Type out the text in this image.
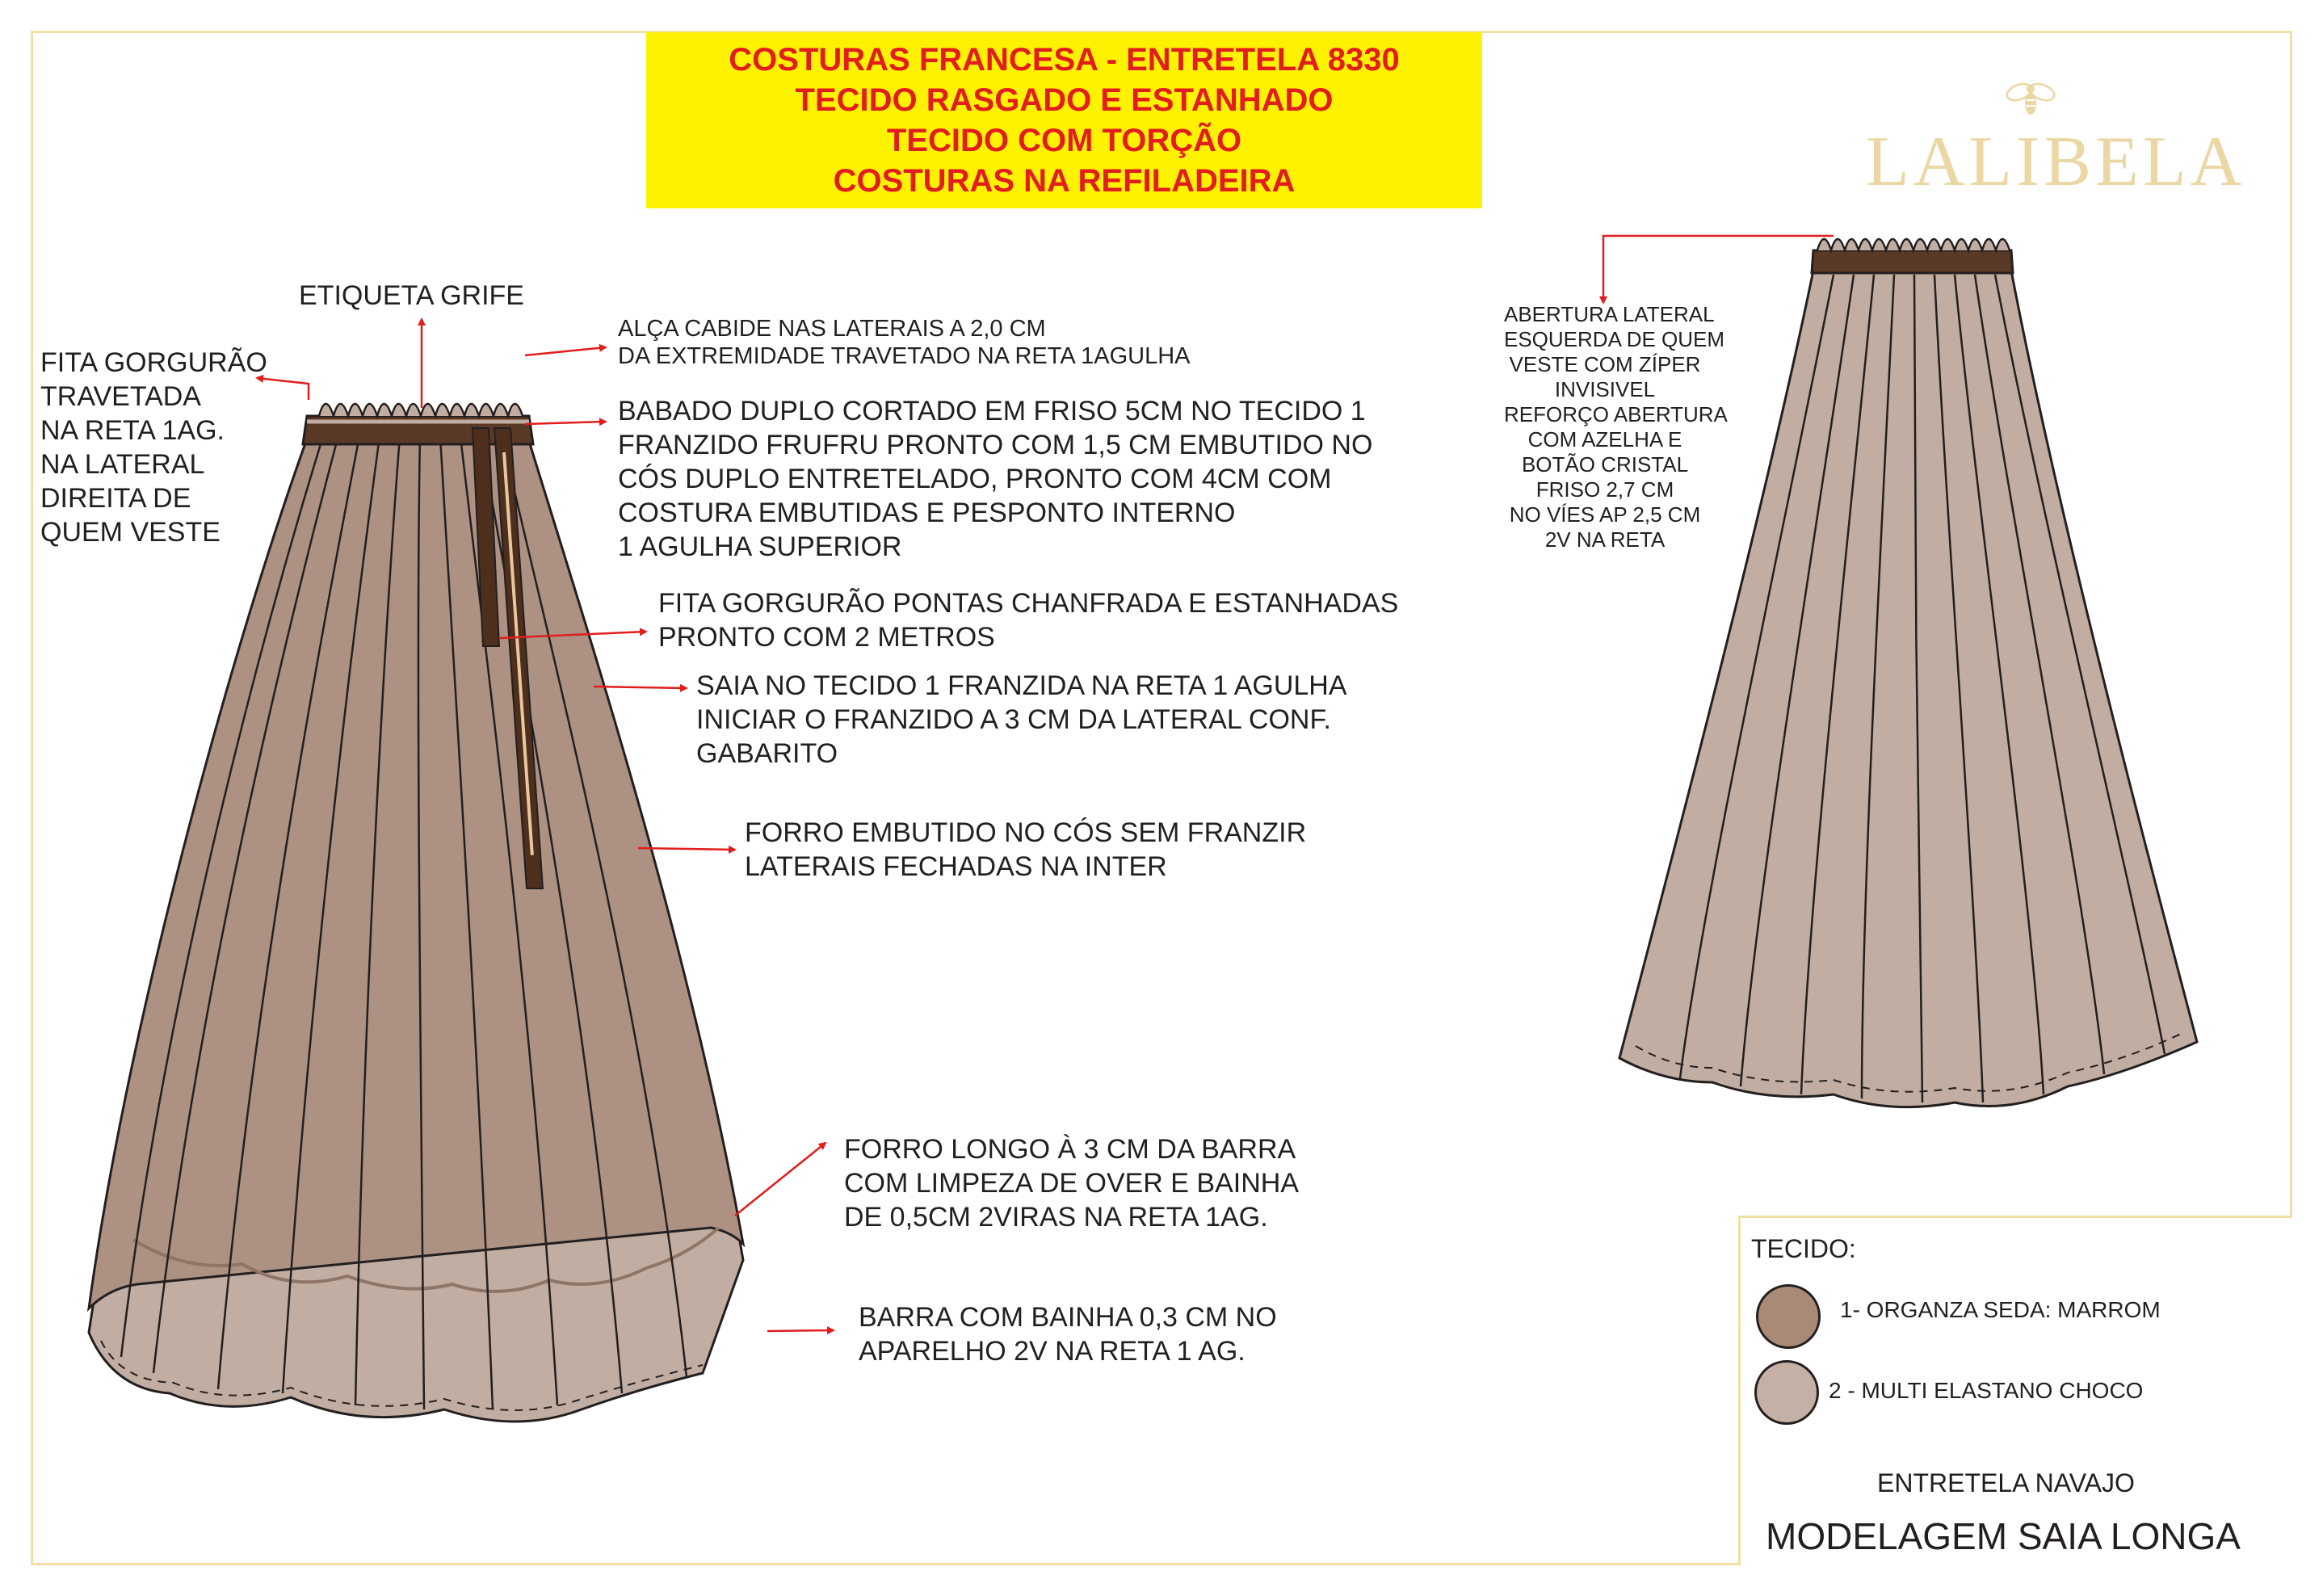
COSTURAS FRANCESA - ENTRETELA 8330
TECIDO RASGADO E ESTANHADO
TECIDO COM TORÇÃO
COSTURAS NA REFILADEIRA	LALIBELA
ETIQUETA GRIFE
FITA GORGURÃO
TRAVETADA
NA RETA 1AG.
NA LATERAL
DIREITA DE
QUEM VESTE
ALÇA CABIDE NAS LATERAIS A 2,0 CM
DA EXTREMIDADE TRAVETADO NA RETA 1AGULHA
BABADO DUPLO CORTADO EM FRISO 5CM NO TECIDO 1
FRANZIDO FRUFRU PRONTO COM 1,5 CM EMBUTIDO NO
CÓS DUPLO ENTRETELADO, PRONTO COM 4CM COM
COSTURA EMBUTIDAS E PESPONTO INTERNO
1 AGULHA SUPERIOR
FITA GORGURÃO PONTAS CHANFRADA E ESTANHADAS
PRONTO COM 2 METROS
SAIA NO TECIDO 1 FRANZIDA NA RETA 1 AGULHA
INICIAR O FRANZIDO A 3 CM DA LATERAL CONF.
GABARITO
FORRO EMBUTIDO NO CÓS SEM FRANZIR
LATERAIS FECHADAS NA INTER
FORRO LONGO À 3 CM DA BARRA
COM LIMPEZA DE OVER E BAINHA
DE 0,5CM 2VIRAS NA RETA 1AG.
BARRA COM BAINHA 0,3 CM NO
APARELHO 2V NA RETA 1 AG.
ABERTURA LATERAL
ESQUERDA DE QUEM
VESTE COM ZÍPER
INVISIVEL
REFORÇO ABERTURA
COM AZELHA E
BOTÃO CRISTAL
FRISO 2,7 CM
NO VÍES AP 2,5 CM
2V NA RETA
TECIDO:
1- ORGANZA SEDA: MARROM
2 - MULTI ELASTANO CHOCO
ENTRETELA NAVAJO
MODELAGEM SAIA LONGA
